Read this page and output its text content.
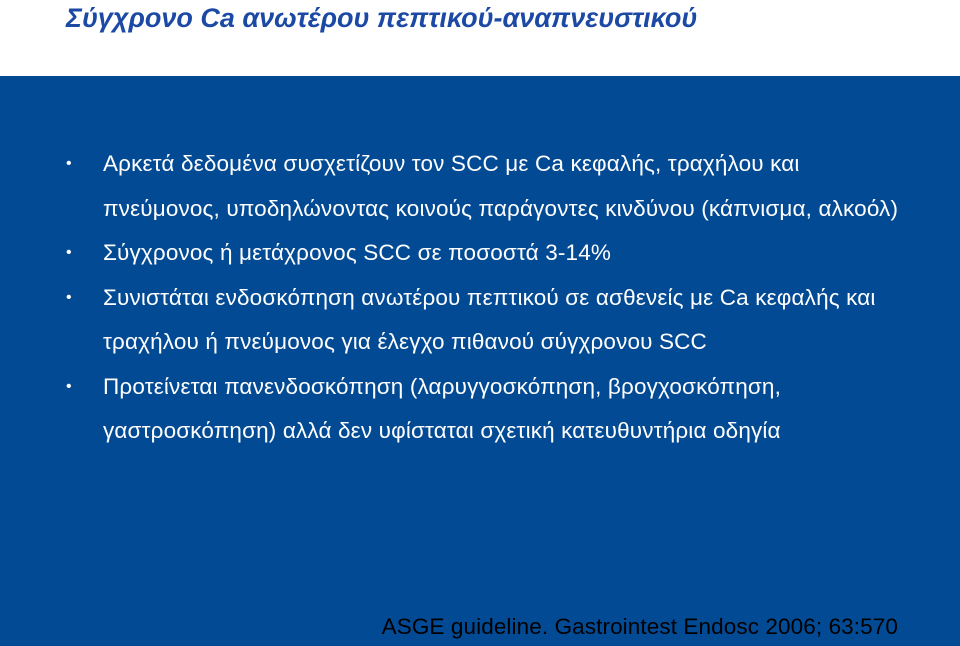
Σύγχρονο Ca ανωτέρου πεπτικού-αναπνευστικού
• Αρκετά δεδομένα συσχετίζουν τον SCC με Ca κεφαλής, τραχήλου και πνεύμονος, υποδηλώνοντας κοινούς παράγοντες κινδύνου (κάπνισμα, αλκοόλ)
• Σύγχρονος ή μετάχρονος SCC σε ποσοστά 3-14%
• Συνιστάται ενδοσκόπηση ανωτέρου πεπτικού σε ασθενείς με Ca κεφαλής και τραχήλου ή πνεύμονος για έλεγχο πιθανού σύγχρονου SCC
• Προτείνεται πανενδοσκόπηση (λαρυγγοσκόπηση, βρογχοσκόπηση, γαστροσκόπηση) αλλά δεν υφίσταται σχετική κατευθυντήρια οδηγία
ASGE guideline. Gastrointest Endosc 2006; 63:570
